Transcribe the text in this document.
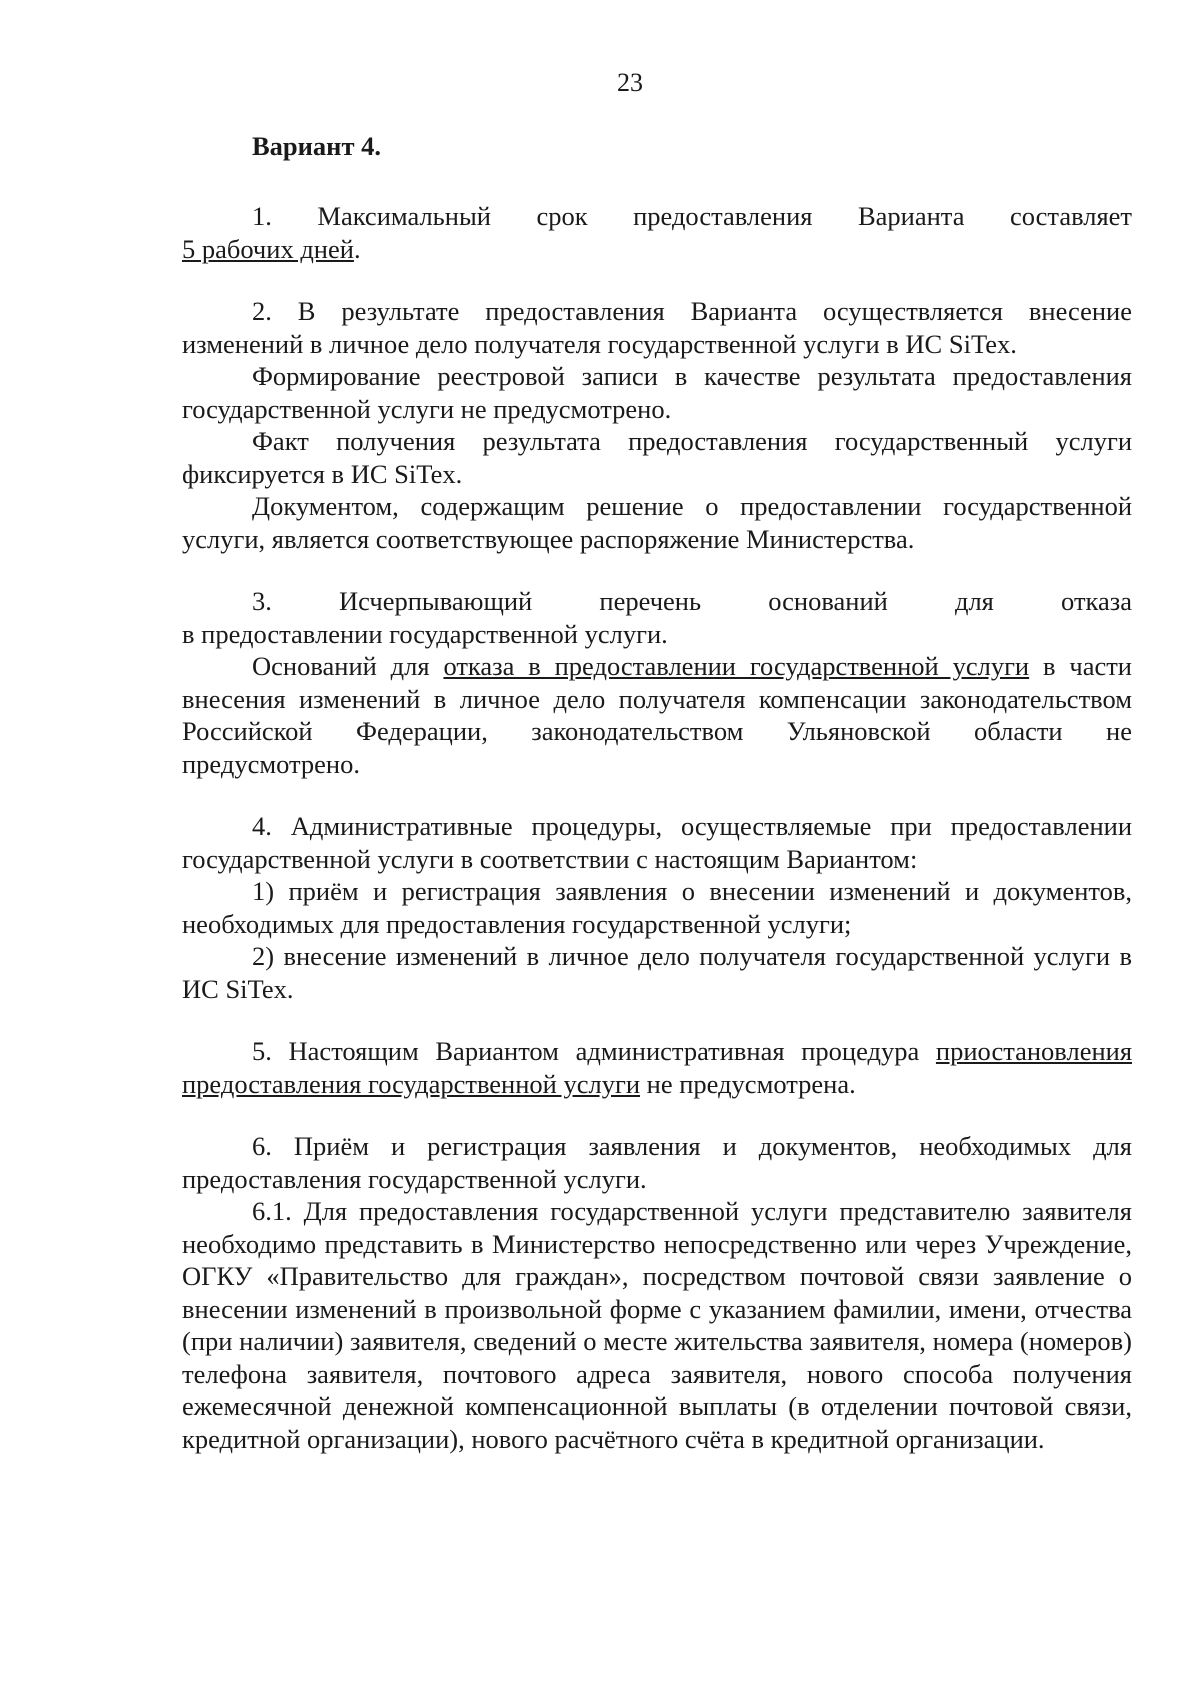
23
Вариант 4.

1. Максимальный срок предоставления Варианта составляет

5 рабочих дней.

2. В результате предоставления Варианта осуществляется внесение изменений в личное дело получателя государственной услуги в ИС SiTex.

Формирование реестровой записи в качестве результата предоставления государственной услуги не предусмотрено.

Факт получения результата предоставления государственный услуги фиксируется в ИС SiTex.

Документом, содержащим решение о предоставлении государственной услуги, является соответствующее распоряжение Министерства.

3. Исчерпывающий перечень оснований для отказа

в предоставлении государственной услуги.

Оснований для отказа в предоставлении государственной услуги в части внесения изменений в личное дело получателя компенсации законодательством Российской Федерации, законодательством Ульяновской области не предусмотрено.

4. Административные процедуры, осуществляемые при предоставлении государственной услуги в соответствии с настоящим Вариантом:

1) приём и регистрация заявления о внесении изменений и документов, необходимых для предоставления государственной услуги;

2) внесение изменений в личное дело получателя государственной услуги в ИС SiTex.

5. Настоящим Вариантом административная процедура приостановления предоставления государственной услуги не предусмотрена.

6. Приём и регистрация заявления и документов, необходимых для предоставления государственной услуги.

6.1. Для предоставления государственной услуги представителю заявителя необходимо представить в Министерство непосредственно или через Учреждение, ОГКУ «Правительство для граждан», посредством почтовой связи заявление о внесении изменений в произвольной форме с указанием фамилии, имени, отчества (при наличии) заявителя, сведений о месте жительства заявителя, номера (номеров) телефона заявителя, почтового адреса заявителя, нового способа получения ежемесячной денежной компенсационной выплаты (в отделении почтовой связи, кредитной организации), нового расчётного счёта в кредитной организации.
